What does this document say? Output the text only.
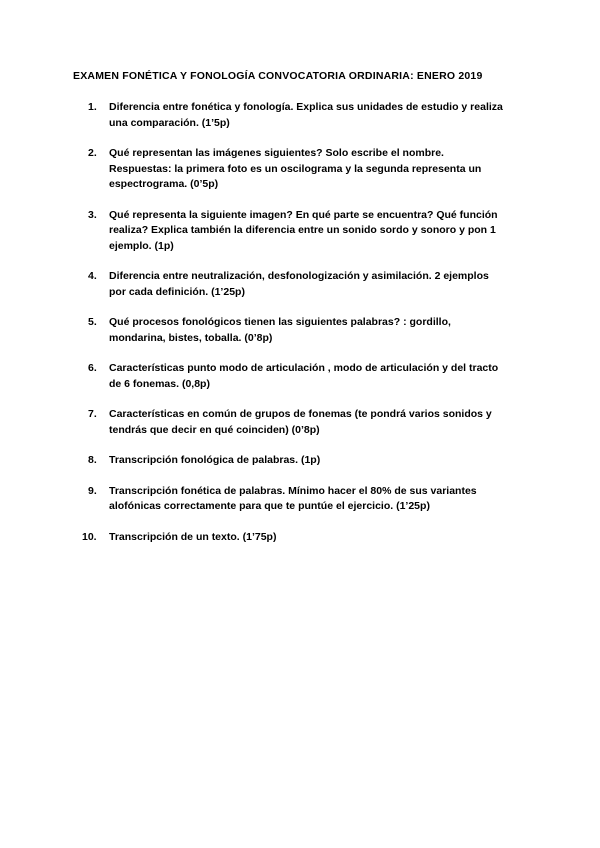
EXAMEN FONÉTICA Y FONOLOGÍA CONVOCATORIA ORDINARIA: ENERO 2019
1.	Diferencia entre fonética y fonología. Explica sus unidades de estudio y realiza
una comparación. (1’5p)
2.	Qué representan las imágenes siguientes? Solo escribe el nombre.
Respuestas: la primera foto es un oscilograma y la segunda representa un
espectrograma. (0’5p)
3.	Qué representa la siguiente imagen? En qué parte se encuentra? Qué función
realiza? Explica también la diferencia entre un sonido sordo y sonoro y pon 1
ejemplo. (1p)
4.	Diferencia entre neutralización, desfonologización y asimilación. 2 ejemplos
por cada definición. (1’25p)
5.	Qué procesos fonológicos tienen las siguientes palabras? : gordillo,
mondarina, bistes, toballa. (0’8p)
6.	Características punto modo de articulación , modo de articulación y del tracto
de 6 fonemas. (0,8p)
7.	Características en común de grupos de fonemas (te pondrá varios sonidos y
tendrás que decir en qué coinciden) (0’8p)
8.	Transcripción fonológica de palabras. (1p)
9.	Transcripción fonética de palabras. Mínimo hacer el 80% de sus variantes
alofónicas correctamente para que te puntúe el ejercicio. (1’25p)
10.	Transcripción de un texto. (1’75p)
